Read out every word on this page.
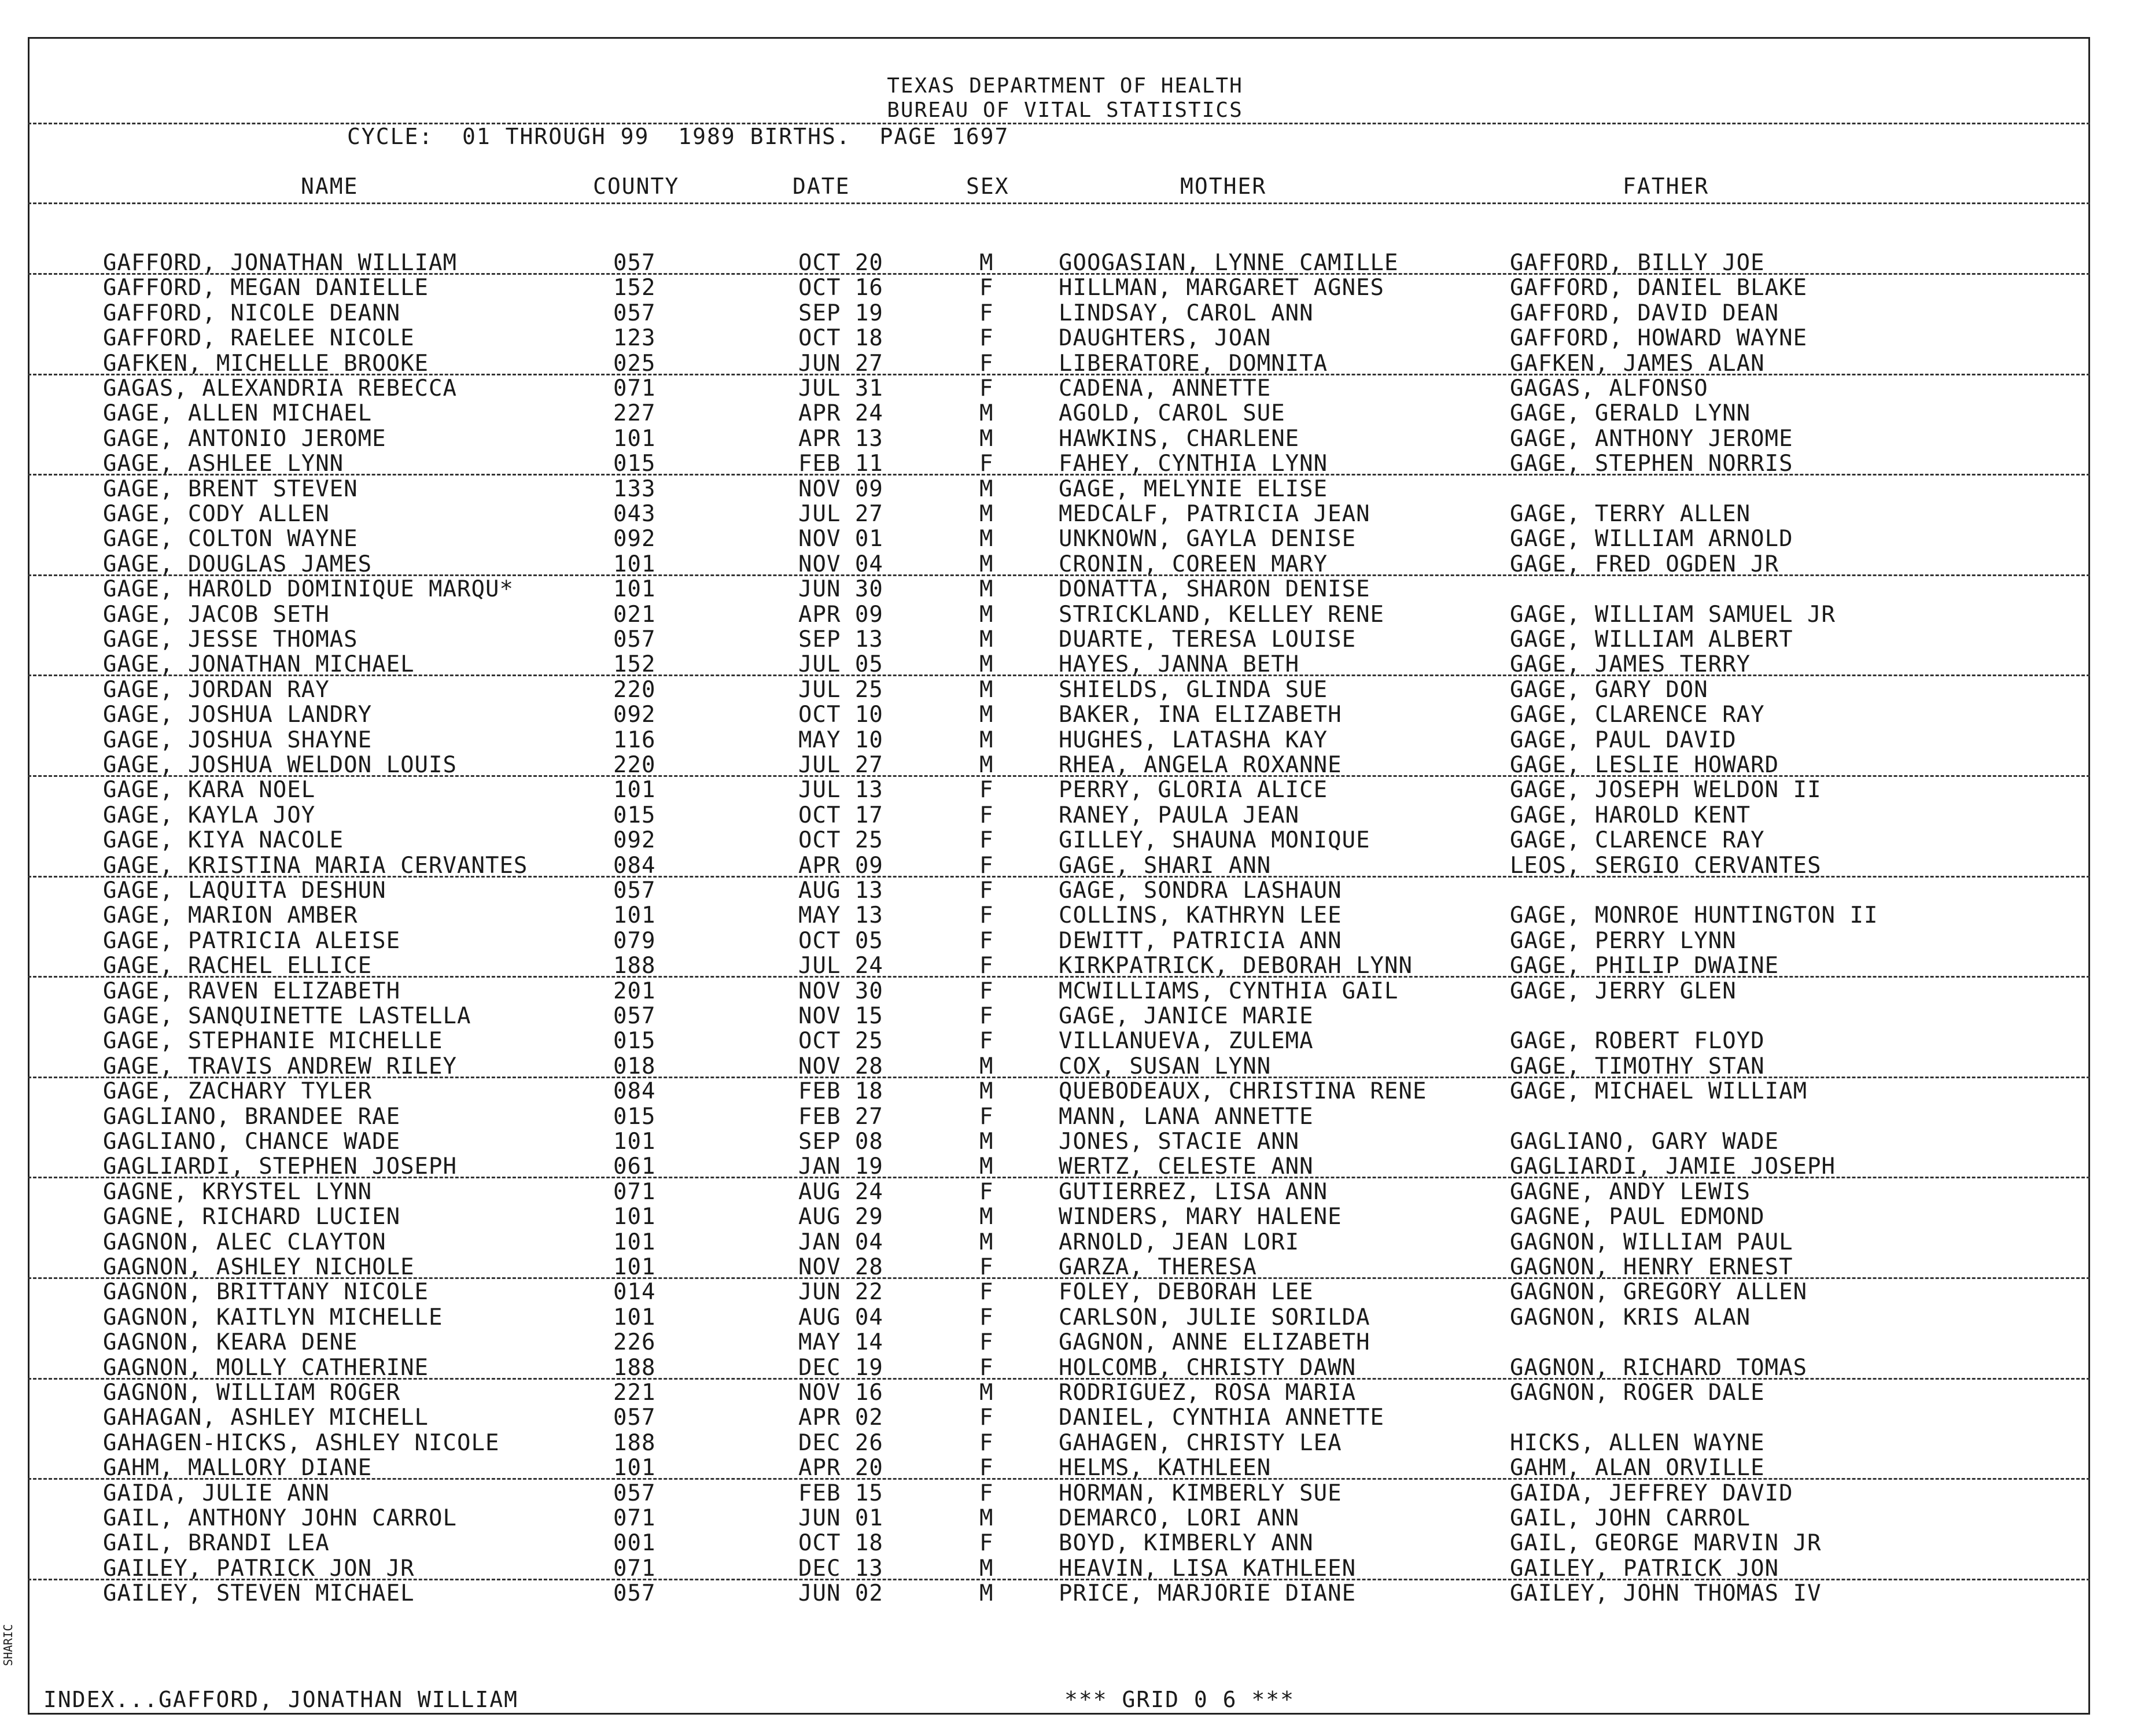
TEXAS DEPARTMENT OF HEALTH
BUREAU OF VITAL STATISTICS
CYCLE:  01 THROUGH 99  1989 BIRTHS.  PAGE 1697
NAME	COUNTY	DATE	SEX	MOTHER	FATHER
GAFFORD, JONATHAN WILLIAM	057	OCT 20	M	GOOGASIAN, LYNNE CAMILLE	GAFFORD, BILLY JOE
GAFFORD, MEGAN DANIELLE	152	OCT 16	F	HILLMAN, MARGARET AGNES	GAFFORD, DANIEL BLAKE
GAFFORD, NICOLE DEANN	057	SEP 19	F	LINDSAY, CAROL ANN	GAFFORD, DAVID DEAN
GAFFORD, RAELEE NICOLE	123	OCT 18	F	DAUGHTERS, JOAN	GAFFORD, HOWARD WAYNE
GAFKEN, MICHELLE BROOKE	025	JUN 27	F	LIBERATORE, DOMNITA	GAFKEN, JAMES ALAN
GAGAS, ALEXANDRIA REBECCA	071	JUL 31	F	CADENA, ANNETTE	GAGAS, ALFONSO
GAGE, ALLEN MICHAEL	227	APR 24	M	AGOLD, CAROL SUE	GAGE, GERALD LYNN
GAGE, ANTONIO JEROME	101	APR 13	M	HAWKINS, CHARLENE	GAGE, ANTHONY JEROME
GAGE, ASHLEE LYNN	015	FEB 11	F	FAHEY, CYNTHIA LYNN	GAGE, STEPHEN NORRIS
GAGE, BRENT STEVEN	133	NOV 09	M	GAGE, MELYNIE ELISE
GAGE, CODY ALLEN	043	JUL 27	M	MEDCALF, PATRICIA JEAN	GAGE, TERRY ALLEN
GAGE, COLTON WAYNE	092	NOV 01	M	UNKNOWN, GAYLA DENISE	GAGE, WILLIAM ARNOLD
GAGE, DOUGLAS JAMES	101	NOV 04	M	CRONIN, COREEN MARY	GAGE, FRED OGDEN JR
GAGE, HAROLD DOMINIQUE MARQU*	101	JUN 30	M	DONATTA, SHARON DENISE
GAGE, JACOB SETH	021	APR 09	M	STRICKLAND, KELLEY RENE	GAGE, WILLIAM SAMUEL JR
GAGE, JESSE THOMAS	057	SEP 13	M	DUARTE, TERESA LOUISE	GAGE, WILLIAM ALBERT
GAGE, JONATHAN MICHAEL	152	JUL 05	M	HAYES, JANNA BETH	GAGE, JAMES TERRY
GAGE, JORDAN RAY	220	JUL 25	M	SHIELDS, GLINDA SUE	GAGE, GARY DON
GAGE, JOSHUA LANDRY	092	OCT 10	M	BAKER, INA ELIZABETH	GAGE, CLARENCE RAY
GAGE, JOSHUA SHAYNE	116	MAY 10	M	HUGHES, LATASHA KAY	GAGE, PAUL DAVID
GAGE, JOSHUA WELDON LOUIS	220	JUL 27	M	RHEA, ANGELA ROXANNE	GAGE, LESLIE HOWARD
GAGE, KARA NOEL	101	JUL 13	F	PERRY, GLORIA ALICE	GAGE, JOSEPH WELDON II
GAGE, KAYLA JOY	015	OCT 17	F	RANEY, PAULA JEAN	GAGE, HAROLD KENT
GAGE, KIYA NACOLE	092	OCT 25	F	GILLEY, SHAUNA MONIQUE	GAGE, CLARENCE RAY
GAGE, KRISTINA MARIA CERVANTES	084	APR 09	F	GAGE, SHARI ANN	LEOS, SERGIO CERVANTES
GAGE, LAQUITA DESHUN	057	AUG 13	F	GAGE, SONDRA LASHAUN
GAGE, MARION AMBER	101	MAY 13	F	COLLINS, KATHRYN LEE	GAGE, MONROE HUNTINGTON II
GAGE, PATRICIA ALEISE	079	OCT 05	F	DEWITT, PATRICIA ANN	GAGE, PERRY LYNN
GAGE, RACHEL ELLICE	188	JUL 24	F	KIRKPATRICK, DEBORAH LYNN	GAGE, PHILIP DWAINE
GAGE, RAVEN ELIZABETH	201	NOV 30	F	MCWILLIAMS, CYNTHIA GAIL	GAGE, JERRY GLEN
GAGE, SANQUINETTE LASTELLA	057	NOV 15	F	GAGE, JANICE MARIE
GAGE, STEPHANIE MICHELLE	015	OCT 25	F	VILLANUEVA, ZULEMA	GAGE, ROBERT FLOYD
GAGE, TRAVIS ANDREW RILEY	018	NOV 28	M	COX, SUSAN LYNN	GAGE, TIMOTHY STAN
GAGE, ZACHARY TYLER	084	FEB 18	M	QUEBODEAUX, CHRISTINA RENE	GAGE, MICHAEL WILLIAM
GAGLIANO, BRANDEE RAE	015	FEB 27	F	MANN, LANA ANNETTE
GAGLIANO, CHANCE WADE	101	SEP 08	M	JONES, STACIE ANN	GAGLIANO, GARY WADE
GAGLIARDI, STEPHEN JOSEPH	061	JAN 19	M	WERTZ, CELESTE ANN	GAGLIARDI, JAMIE JOSEPH
GAGNE, KRYSTEL LYNN	071	AUG 24	F	GUTIERREZ, LISA ANN	GAGNE, ANDY LEWIS
GAGNE, RICHARD LUCIEN	101	AUG 29	M	WINDERS, MARY HALENE	GAGNE, PAUL EDMOND
GAGNON, ALEC CLAYTON	101	JAN 04	M	ARNOLD, JEAN LORI	GAGNON, WILLIAM PAUL
GAGNON, ASHLEY NICHOLE	101	NOV 28	F	GARZA, THERESA	GAGNON, HENRY ERNEST
GAGNON, BRITTANY NICOLE	014	JUN 22	F	FOLEY, DEBORAH LEE	GAGNON, GREGORY ALLEN
GAGNON, KAITLYN MICHELLE	101	AUG 04	F	CARLSON, JULIE SORILDA	GAGNON, KRIS ALAN
GAGNON, KEARA DENE	226	MAY 14	F	GAGNON, ANNE ELIZABETH
GAGNON, MOLLY CATHERINE	188	DEC 19	F	HOLCOMB, CHRISTY DAWN	GAGNON, RICHARD TOMAS
GAGNON, WILLIAM ROGER	221	NOV 16	M	RODRIGUEZ, ROSA MARIA	GAGNON, ROGER DALE
GAHAGAN, ASHLEY MICHELL	057	APR 02	F	DANIEL, CYNTHIA ANNETTE
GAHAGEN-HICKS, ASHLEY NICOLE	188	DEC 26	F	GAHAGEN, CHRISTY LEA	HICKS, ALLEN WAYNE
GAHM, MALLORY DIANE	101	APR 20	F	HELMS, KATHLEEN	GAHM, ALAN ORVILLE
GAIDA, JULIE ANN	057	FEB 15	F	HORMAN, KIMBERLY SUE	GAIDA, JEFFREY DAVID
GAIL, ANTHONY JOHN CARROL	071	JUN 01	M	DEMARCO, LORI ANN	GAIL, JOHN CARROL
GAIL, BRANDI LEA	001	OCT 18	F	BOYD, KIMBERLY ANN	GAIL, GEORGE MARVIN JR
GAILEY, PATRICK JON JR	071	DEC 13	M	HEAVIN, LISA KATHLEEN	GAILEY, PATRICK JON
GAILEY, STEVEN MICHAEL	057	JUN 02	M	PRICE, MARJORIE DIANE	GAILEY, JOHN THOMAS IV
INDEX...GAFFORD, JONATHAN WILLIAM	*** GRID 0 6 ***
SHARIC
